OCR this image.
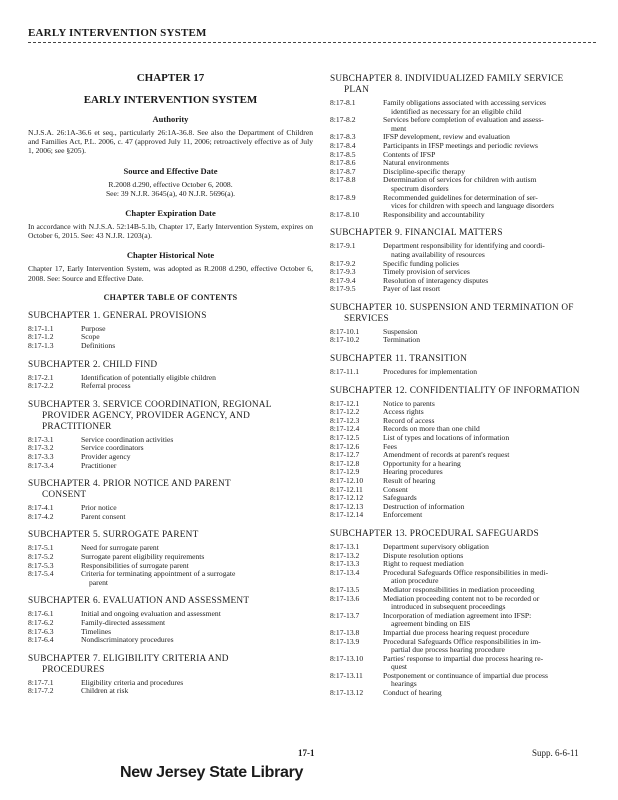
EARLY INTERVENTION SYSTEM
CHAPTER 17
EARLY INTERVENTION SYSTEM
Authority
N.J.S.A. 26:1A-36.6 et seq., particularly 26:1A-36.8. See also the Department of Children and Families Act, P.L. 2006, c. 47 (approved July 11, 2006; retroactively effective as of July 1, 2006; see §205).
Source and Effective Date
R.2008 d.290, effective October 6, 2008.
See: 39 N.J.R. 3645(a), 40 N.J.R. 5696(a).
Chapter Expiration Date
In accordance with N.J.S.A. 52:14B-5.1b, Chapter 17, Early Intervention System, expires on October 6, 2015. See: 43 N.J.R. 1203(a).
Chapter Historical Note
Chapter 17, Early Intervention System, was adopted as R.2008 d.290, effective October 6, 2008. See: Source and Effective Date.
CHAPTER TABLE OF CONTENTS
SUBCHAPTER 1. GENERAL PROVISIONS
8:17-1.1	Purpose
8:17-1.2	Scope
8:17-1.3	Definitions
SUBCHAPTER 2. CHILD FIND
8:17-2.1	Identification of potentially eligible children
8:17-2.2	Referral process
SUBCHAPTER 3. SERVICE COORDINATION, REGIONAL
PROVIDER AGENCY, PROVIDER AGENCY, AND PRACTITIONER
8:17-3.1	Service coordination activities
8:17-3.2	Service coordinators
8:17-3.3	Provider agency
8:17-3.4	Practitioner
SUBCHAPTER 4. PRIOR NOTICE AND PARENT
CONSENT
8:17-4.1	Prior notice
8:17-4.2	Parent consent
SUBCHAPTER 5. SURROGATE PARENT
8:17-5.1	Need for surrogate parent
8:17-5.2	Surrogate parent eligibility requirements
8:17-5.3	Responsibilities of surrogate parent
8:17-5.4	Criteria for terminating appointment of a surrogate
parent
SUBCHAPTER 6. EVALUATION AND ASSESSMENT
8:17-6.1	Initial and ongoing evaluation and assessment
8:17-6.2	Family-directed assessment
8:17-6.3	Timelines
8:17-6.4	Nondiscriminatory procedures
SUBCHAPTER 7. ELIGIBILITY CRITERIA AND
PROCEDURES
8:17-7.1	Eligibility criteria and procedures
8:17-7.2	Children at risk
SUBCHAPTER 8. INDIVIDUALIZED FAMILY SERVICE
PLAN
8:17-8.1	Family obligations associated with accessing services
identified as necessary for an eligible child
8:17-8.2	Services before completion of evaluation and assess-
ment
8:17-8.3	IFSP development, review and evaluation
8:17-8.4	Participants in IFSP meetings and periodic reviews
8:17-8.5	Contents of IFSP
8:17-8.6	Natural environments
8:17-8.7	Discipline-specific therapy
8:17-8.8	Determination of services for children with autism
spectrum disorders
8:17-8.9	Recommended guidelines for determination of ser-
vices for children with speech and language disorders
8:17-8.10	Responsibility and accountability
SUBCHAPTER 9. FINANCIAL MATTERS
8:17-9.1	Department responsibility for identifying and coordi-
nating availability of resources
8:17-9.2	Specific funding policies
8:17-9.3	Timely provision of services
8:17-9.4	Resolution of interagency disputes
8:17-9.5	Payer of last resort
SUBCHAPTER 10. SUSPENSION AND TERMINATION OF
SERVICES
8:17-10.1	Suspension
8:17-10.2	Termination
SUBCHAPTER 11. TRANSITION
8:17-11.1	Procedures for implementation
SUBCHAPTER 12. CONFIDENTIALITY OF INFORMATION
8:17-12.1	Notice to parents
8:17-12.2	Access rights
8:17-12.3	Record of access
8:17-12.4	Records on more than one child
8:17-12.5	List of types and locations of information
8:17-12.6	Fees
8:17-12.7	Amendment of records at parent's request
8:17-12.8	Opportunity for a hearing
8:17-12.9	Hearing procedures
8:17-12.10	Result of hearing
8:17-12.11	Consent
8:17-12.12	Safeguards
8:17-12.13	Destruction of information
8:17-12.14	Enforcement
SUBCHAPTER 13. PROCEDURAL SAFEGUARDS
8:17-13.1	Department supervisory obligation
8:17-13.2	Dispute resolution options
8:17-13.3	Right to request mediation
8:17-13.4	Procedural Safeguards Office responsibilities in medi-
ation procedure
8:17-13.5	Mediator responsibilities in mediation proceeding
8:17-13.6	Mediation proceeding content not to be recorded or
introduced in subsequent proceedings
8:17-13.7	Incorporation of mediation agreement into IFSP:
agreement binding on EIS
8:17-13.8	Impartial due process hearing request procedure
8:17-13.9	Procedural Safeguards Office responsibilities in im-
partial due process hearing procedure
8:17-13.10	Parties' response to impartial due process hearing re-
quest
8:17-13.11	Postponement or continuance of impartial due process
hearings
8:17-13.12	Conduct of hearing
17-1	Supp. 6-6-11
New Jersey State Library
